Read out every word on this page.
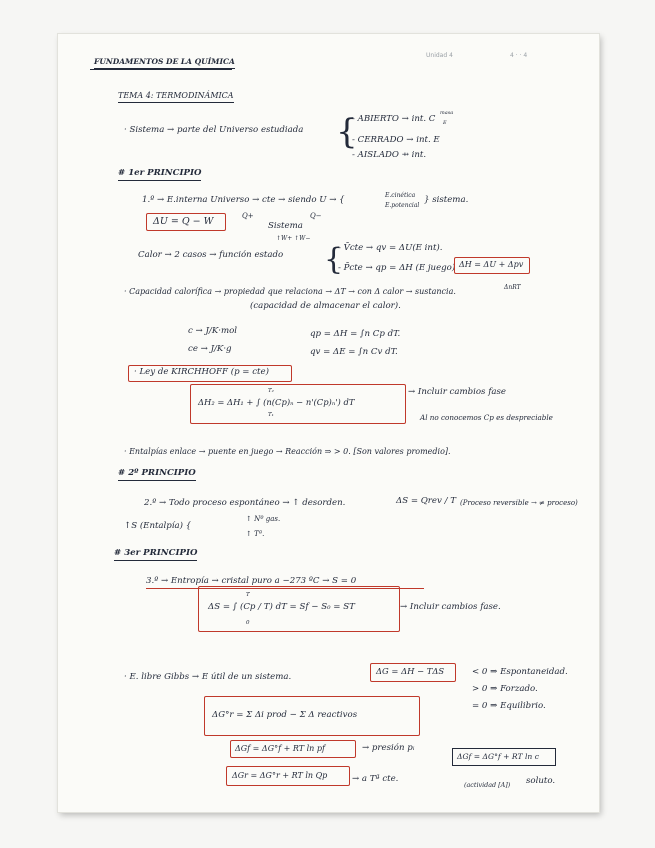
Unidad 4	4 · · 4
FUNDAMENTOS DE LA QUÍMICA
TEMA 4: TERMODINÁMICA
· Sistema → parte del Universo estudiada {
- ABIERTO → int. C
masa
E
- CERRADO → int. E
- AISLADO ⇸ int.
# 1er PRINCIPIO
1.º → E.interna Universo → cte → siendo U → {	E.cinética
E.potencial
} sistema.
ΔU = Q − W	Q+
Sistema
Q−
↑W+ ↑W−
Calor → 2 casos → función estado {
- V̄cte → qv = ΔU(E int).
- P̄cte → qp = ΔH (E juego) ΔH = ΔU + Δpv
ΔnRT
· Capacidad calorífica → propiedad que relaciona → ΔT → con Δ calor → sustancia.
(capacidad de almacenar el calor).
c → J/K·mol
ce → J/K·g
qp = ΔH = ∫n Cp dT.
qv = ΔE = ∫n Cv dT.
· Ley de KIRCHHOFF (p = cte)
ΔH₂ = ΔH₁ + ∫ (n(Cp)ₙ − n'(Cp)ₙ') dT
T₂
T₁
→ Incluir cambios fase
Al no conocemos Cp es despreciable
· Entalpías enlace → puente en juego → Reacción ⇒ > 0. [Son valores promedio].
# 2º PRINCIPIO
2.º → Todo proceso espontáneo → ↑ desorden.	ΔS = Qrev / T (Proceso reversible → ≠ proceso)
↑S (Entalpía) {
↑ Nº gas.
↑ Tª.
# 3er PRINCIPIO
3.º → Entropía → cristal puro a −273 ºC → S = 0
ΔS = ∫ (Cp / T) dT = Sf − S₀ = ST
T
0
→ Incluir cambios fase.
· E. libre Gibbs → E útil de un sistema.
ΔG = ΔH − TΔS	< 0 ⇒ Espontaneidad.
> 0 ⇒ Forzado.
= 0 ⇒ Equilibrio.
ΔG°r = Σ Δi prod − Σ Δ reactivos
ΔGf = ΔG°f + RT ln pf	→ presión pᵢ
ΔGf = ΔG°f + RT ln c
ΔGr = ΔG°r + RT ln Qp	→ a Tª cte.
(actividad [A]) soluto.
